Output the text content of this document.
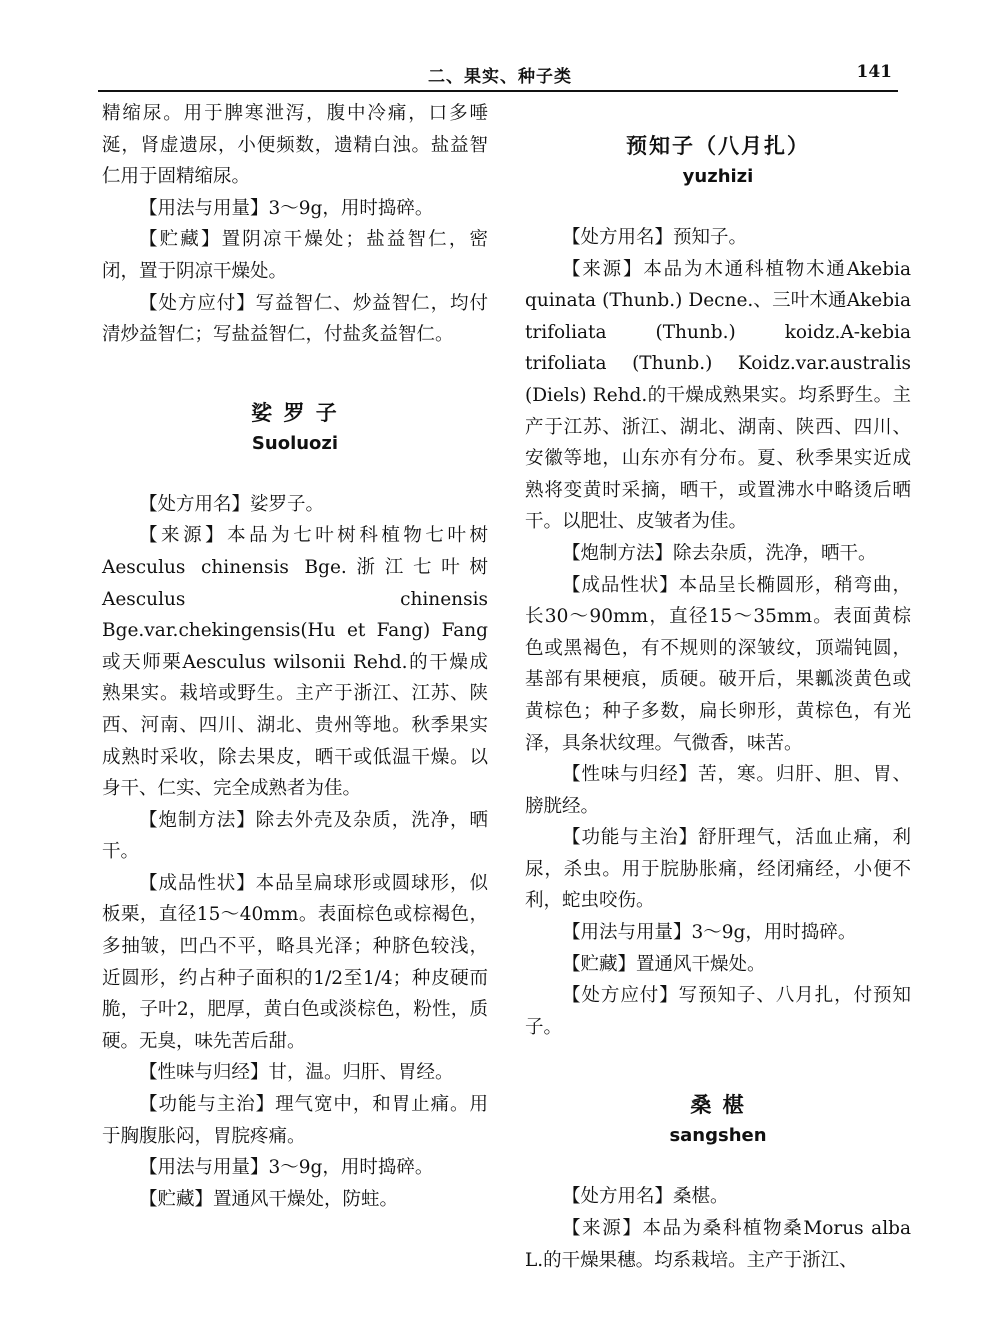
二、果实、种子类	141

精缩尿。用于脾寒泄泻，腹中冷痛，口多唾涎，肾虚遗尿，小便频数，遗精白浊。盐益智仁用于固精缩尿。

【用法与用量】3～9g，用时捣碎。

【贮藏】置阴凉干燥处；盐益智仁，密闭，置于阴凉干燥处。

【处方应付】写益智仁、炒益智仁，均付清炒益智仁；写盐益智仁，付盐炙益智仁。

娑 罗 子
Suoluozi

【处方用名】娑罗子。

【来源】本品为七叶树科植物七叶树Aesculus chinensis Bge.浙江七叶树Aesculus chinensis Bge.var.chekingensis(Hu et Fang) Fang或天师栗Aesculus wilsonii Rehd.的干燥成熟果实。栽培或野生。主产于浙江、江苏、陕西、河南、四川、湖北、贵州等地。秋季果实成熟时采收，除去果皮，晒干或低温干燥。以身干、仁实、完全成熟者为佳。

【炮制方法】除去外壳及杂质，洗净，晒干。

【成品性状】本品呈扁球形或圆球形，似板栗，直径15～40mm。表面棕色或棕褐色，多抽皱，凹凸不平，略具光泽；种脐色较浅，近圆形，约占种子面积的1/2至1/4；种皮硬而脆，子叶2，肥厚，黄白色或淡棕色，粉性，质硬。无臭，味先苦后甜。

【性味与归经】甘，温。归肝、胃经。

【功能与主治】理气宽中，和胃止痛。用于胸腹胀闷，胃脘疼痛。

【用法与用量】3～9g，用时捣碎。

【贮藏】置通风干燥处，防蛀。

预知子（八月扎）
yuzhizi

【处方用名】预知子。

【来源】本品为木通科植物木通Akebia quinata (Thunb.) Decne.、三叶木通Akebia trifoliata (Thunb.) koidz.A-kebia trifoliata (Thunb.) Koidz.var.australis (Diels) Rehd.的干燥成熟果实。均系野生。主产于江苏、浙江、湖北、湖南、陕西、四川、安徽等地，山东亦有分布。夏、秋季果实近成熟将变黄时采摘，晒干，或置沸水中略烫后晒干。以肥壮、皮皱者为佳。

【炮制方法】除去杂质，洗净，晒干。

【成品性状】本品呈长椭圆形，稍弯曲，长30～90mm，直径15～35mm。表面黄棕色或黑褐色，有不规则的深皱纹，顶端钝圆，基部有果梗痕，质硬。破开后，果瓤淡黄色或黄棕色；种子多数，扁长卵形，黄棕色，有光泽，具条状纹理。气微香，味苦。

【性味与归经】苦，寒。归肝、胆、胃、膀胱经。

【功能与主治】舒肝理气，活血止痛，利尿，杀虫。用于脘胁胀痛，经闭痛经，小便不利，蛇虫咬伤。

【用法与用量】3～9g，用时捣碎。

【贮藏】置通风干燥处。

【处方应付】写预知子、八月扎，付预知子。

桑 椹
sangshen

【处方用名】桑椹。

【来源】本品为桑科植物桑Morus alba L.的干燥果穗。均系栽培。主产于浙江、
